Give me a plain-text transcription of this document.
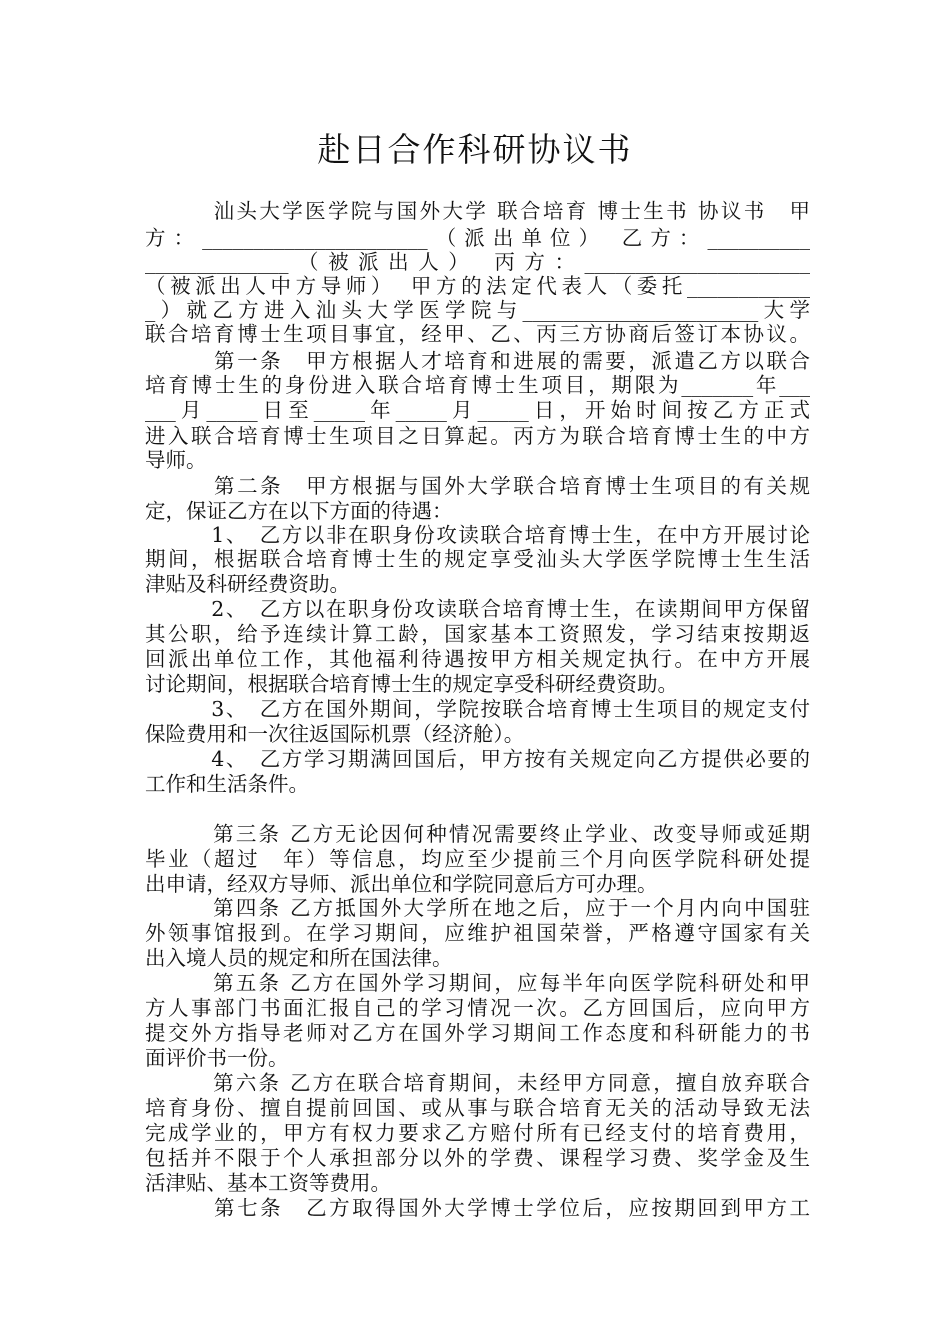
赴日合作科研协议书
　　　汕头大学医学院与国外大学 联合培育 博士生书 协议书　甲
方：______________________（派出单位） 乙方：__________
______________（被派出人） 丙方：______________________
（被派出人中方导师）　甲方的法定代表人（委托____________
_）就乙方进入汕头大学医学院与_______________________大学
联合培育博士生项目事宜，经甲、乙、丙三方协商后签订本协议。
　　　第一条　甲方根据人才培育和进展的需要，派遣乙方以联合
培育博士生的身份进入联合培育博士生项目，期限为_______年___
___月_____日至_____年_____月_____日，开始时间按乙方正式
进入联合培育博士生项目之日算起。丙方为联合培育博士生的中方
导师。
　　　第二条　甲方根据与国外大学联合培育博士生项目的有关规
定，保证乙方在以下方面的待遇：
　　　1、　乙方以非在职身份攻读联合培育博士生，在中方开展讨论
期间，根据联合培育博士生的规定享受汕头大学医学院博士生生活
津贴及科研经费资助。
　　　2、　乙方以在职身份攻读联合培育博士生，在读期间甲方保留
其公职，给予连续计算工龄，国家基本工资照发，学习结束按期返
回派出单位工作，其他福利待遇按甲方相关规定执行。在中方开展
讨论期间，根据联合培育博士生的规定享受科研经费资助。
　　　3、　乙方在国外期间，学院按联合培育博士生项目的规定支付
保险费用和一次往返国际机票（经济舱）。
　　　4、　乙方学习期满回国后，甲方按有关规定向乙方提供必要的
工作和生活条件。
　　　第三条 乙方无论因何种情况需要终止学业、改变导师或延期
毕业（超过　年）等信息，均应至少提前三个月向医学院科研处提
出申请，经双方导师、派出单位和学院同意后方可办理。
　　　第四条 乙方抵国外大学所在地之后，应于一个月内向中国驻
外领事馆报到。在学习期间，应维护祖国荣誉，严格遵守国家有关
出入境人员的规定和所在国法律。
　　　第五条 乙方在国外学习期间，应每半年向医学院科研处和甲
方人事部门书面汇报自己的学习情况一次。乙方回国后，应向甲方
提交外方指导老师对乙方在国外学习期间工作态度和科研能力的书
面评价书一份。
　　　第六条 乙方在联合培育期间，未经甲方同意，擅自放弃联合
培育身份、擅自提前回国、或从事与联合培育无关的活动导致无法
完成学业的，甲方有权力要求乙方赔付所有已经支付的培育费用，
包括并不限于个人承担部分以外的学费、课程学习费、奖学金及生
活津贴、基本工资等费用。
　　　第七条　乙方取得国外大学博士学位后，应按期回到甲方工
